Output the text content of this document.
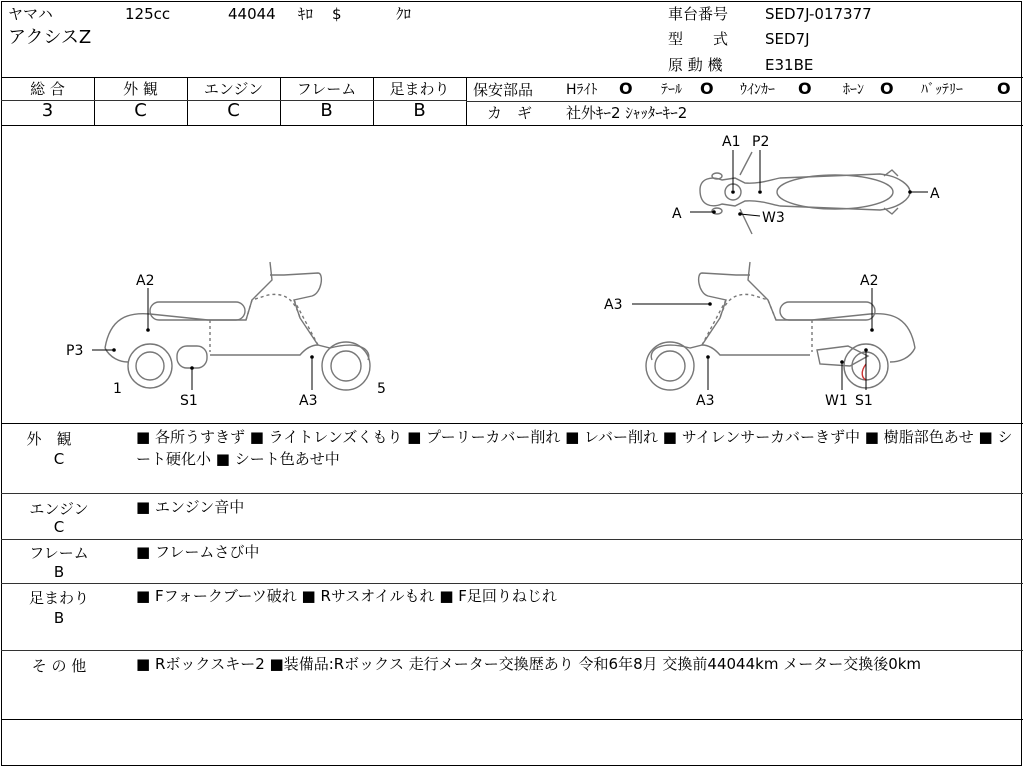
ヤマハ	125cc	44044 ｷﾛ $	ｸﾛ
アクシスZ
車台番号 SED7J-017377
型　　式 SED7J
原 動 機	E31BE
総 合	外 観	エンジン	フレーム	足まわり
3	C	C	B	B
保安部品 Hﾗｲﾄ O ﾃｰﾙ O ｳｲﾝｶｰ O ﾎｰﾝ O ﾊﾞｯﾃﾘｰ O
カ　ギ 社外ｷｰ2 ｼｬｯﾀｰｷｰ2
A1 P2
A
A	W3
A2
P3
1
S1	A3
5
A3
A2
A3	W1 S1
外　観
C
■ 各所うすきず ■ ライトレンズくもり ■ プーリーカバー削れ ■ レバー削れ ■ サイレンサーカバーきず中 ■ 樹脂部色あせ ■ シート硬化小 ■ シート色あせ中
エンジン
C
■ エンジン音中
フレーム
B
■ フレームさび中
足まわり
B
■ Fフォークブーツ破れ ■ Rサスオイルもれ ■ F足回りねじれ
そ の 他	■ Rボックスキー2 ■装備品:Rボックス 走行メーター交換歴あり 令和6年8月 交換前44044km メーター交換後0km
